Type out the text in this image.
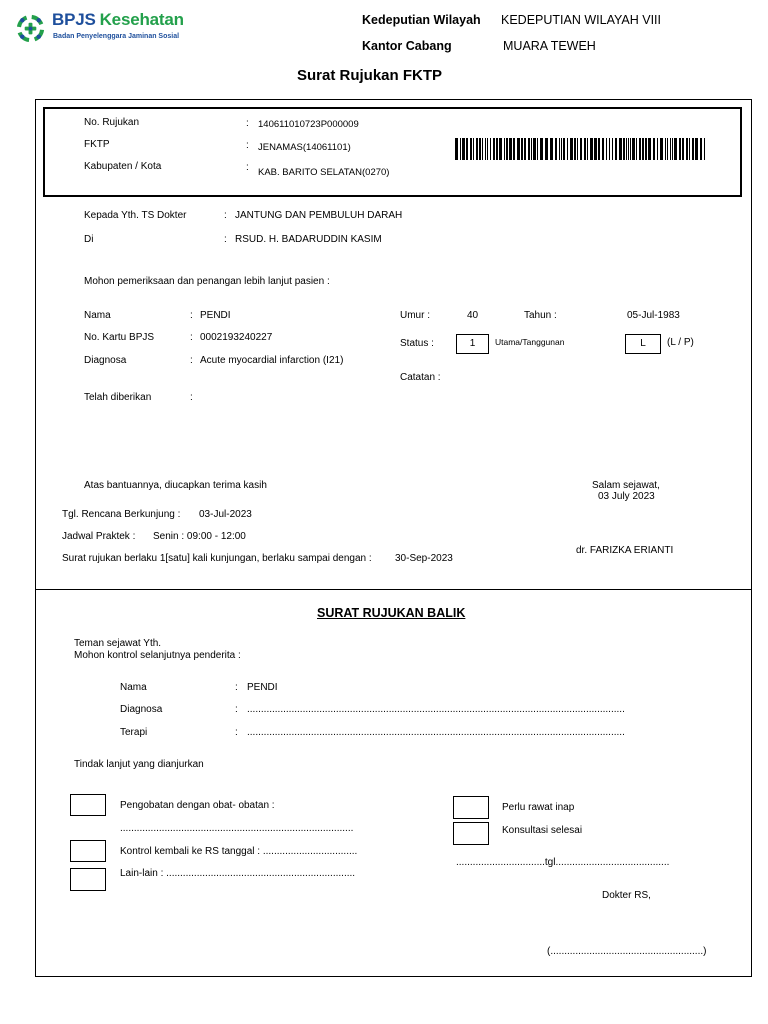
BPJS Kesehatan
Badan Penyelenggara Jaminan Sosial
Kedeputian Wilayah KEDEPUTIAN WILAYAH VIII
Kantor Cabang	MUARA TEWEH
Surat Rujukan FKTP
No. Rujukan	: 140611010723P000009
FKTP	: JENAMAS(14061101)
Kabupaten / Kota	: KAB. BARITO SELATAN(0270)
Kepada Yth. TS Dokter	: JANTUNG DAN PEMBULUH DARAH
Di	: RSUD. H. BADARUDDIN KASIM
Mohon pemeriksaan dan penangan lebih lanjut pasien :
Nama	: PENDI	Umur :	40	Tahun :	05-Jul-1983
No. Kartu BPJS	: 0002193240227
Status :	1	Utama/Tanggunan	L	(L / P)
Diagnosa	: Acute myocardial infarction (I21)
Catatan :
Telah diberikan	:
Atas bantuannya, diucapkan terima kasih	Salam sejawat,
03 July 2023
Tgl. Rencana Berkunjung : 03-Jul-2023
Jadwal Praktek : Senin : 09:00 - 12:00
Surat rujukan berlaku 1[satu] kali kunjungan, berlaku sampai dengan : 30-Sep-2023
dr. FARIZKA ERIANTI
SURAT RUJUKAN BALIK
Teman sejawat Yth.
Mohon kontrol selanjutnya penderita :
Nama	: PENDI
Diagnosa	: ........................................................................................................................................
Terapi	: ........................................................................................................................................
Tindak lanjut yang dianjurkan
Pengobatan dengan obat- obatan :
....................................................................................
Kontrol kembali ke RS tanggal : ..................................
Lain-lain : ....................................................................
Perlu rawat inap
Konsultasi selesai
................................tgl.........................................
Dokter RS,
(.......................................................)
